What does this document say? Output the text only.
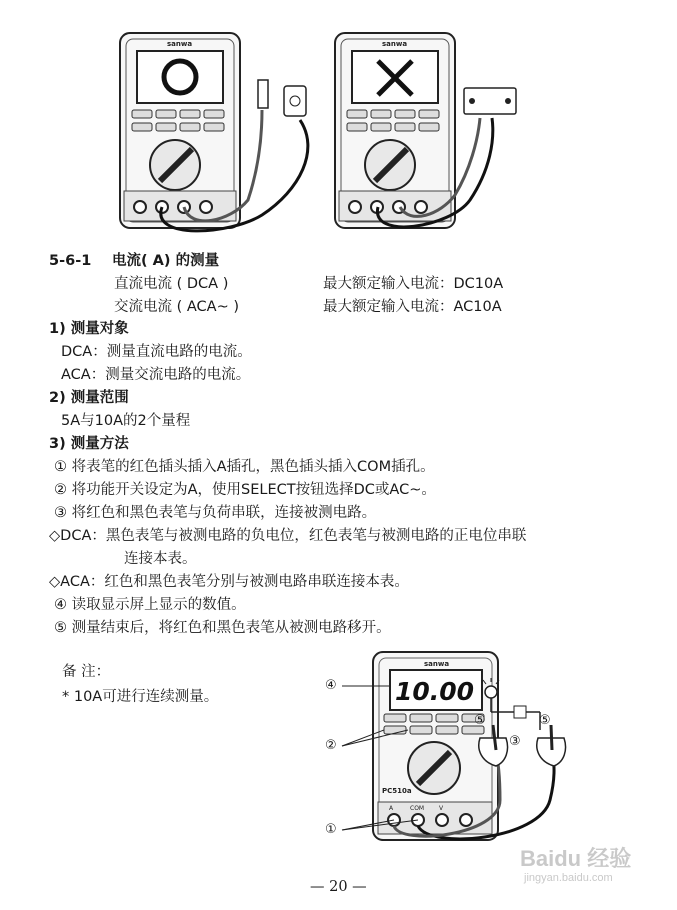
sanwa	sanwa
5-6-1 电流( A) 的测量
直流电流 ( DCA )	最大额定输入电流：DC10A
交流电流 ( ACA~ )	最大额定输入电流：AC10A
1) 测量对象
DCA：测量直流电路的电流。
ACA：测量交流电路的电流。
2) 测量范围
5A与10A的2个量程
3) 测量方法
① 将表笔的红色插头插入A插孔，黑色插头插入COM插孔。
② 将功能开关设定为A，使用SELECT按钮选择DC或AC~。
③ 将红色和黑色表笔与负荷串联，连接被测电路。
◇DCA：黑色表笔与被测电路的负电位，红色表笔与被测电路的正电位串联
连接本表。
◇ACA：红色和黑色表笔分别与被测电路串联连接本表。
④ 读取显示屏上显示的数值。
⑤ 测量结束后，将红色和黑色表笔从被测电路移开。
备 注：
* 10A可进行连续测量。
sanwa
10.00
PC510a
A	COM V
④
②
①
⑤
③
⑤
— 20 —
Baidu 经验
jingyan.baidu.com
